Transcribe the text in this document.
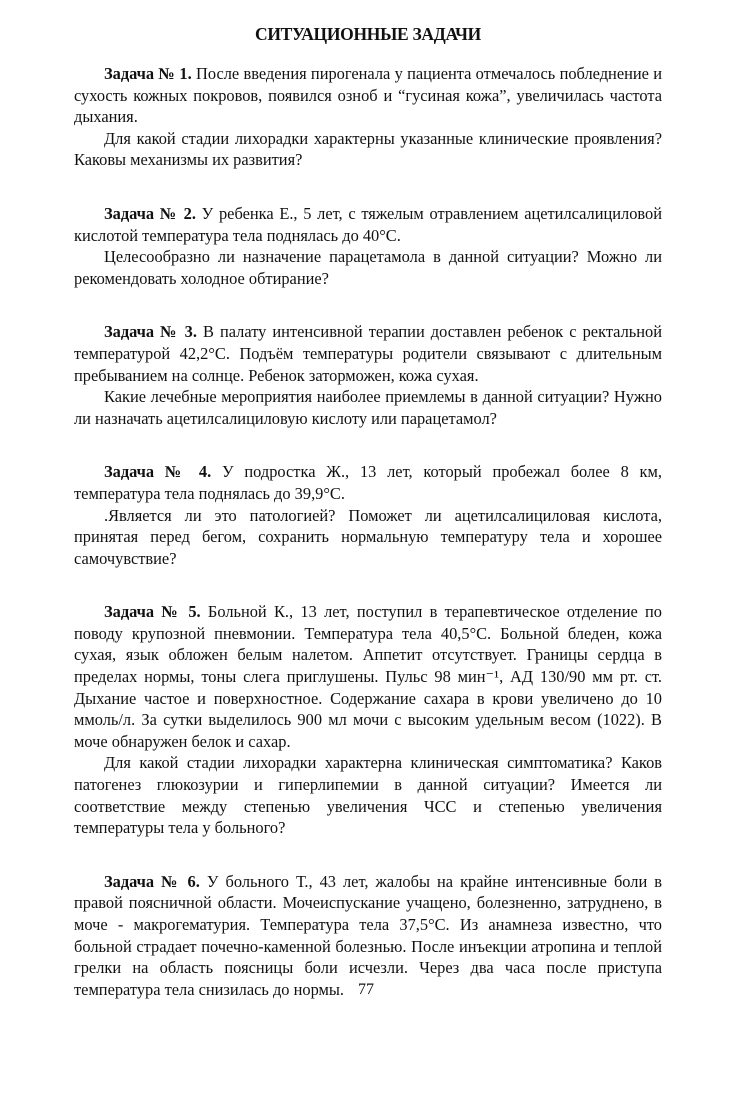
СИТУАЦИОННЫЕ ЗАДАЧИ

Задача № 1. После введения пирогенала у пациента отмечалось побледнение и сухость кожных покровов, появился озноб и “гусиная кожа”, увеличилась частота дыхания.

Для какой стадии лихорадки характерны указанные клинические проявления? Каковы механизмы их развития?

Задача № 2. У ребенка Е., 5 лет, с тяжелым отравлением ацетилсалициловой кислотой температура тела поднялась до 40°С.

Целесообразно ли назначение парацетамола в данной ситуации? Можно ли рекомендовать холодное обтирание?

Задача № 3. В палату интенсивной терапии доставлен ребенок с ректальной температурой 42,2°С. Подъём температуры родители связывают с длительным пребыванием на солнце. Ребенок заторможен, кожа сухая.

Какие лечебные мероприятия наиболее приемлемы в данной ситуации? Нужно ли назначать ацетилсалициловую кислоту или парацетамол?

Задача № 4. У подростка Ж., 13 лет, который пробежал более 8 км, температура тела поднялась до 39,9°С.

.Является ли это патологией? Поможет ли ацетилсалициловая кислота, принятая перед бегом, сохранить нормальную температуру тела и хорошее самочувствие?

Задача № 5. Больной К., 13 лет, поступил в терапевтическое отделение по поводу крупозной пневмонии. Температура тела 40,5°С. Больной бледен, кожа сухая, язык обложен белым налетом. Аппетит отсутствует. Границы сердца в пределах нормы, тоны слега приглушены. Пульс 98 мин⁻¹, АД 130/90 мм рт. ст. Дыхание частое и поверхностное. Содержание сахара в крови увеличено до 10 ммоль/л. За сутки выделилось 900 мл мочи с высоким удельным весом (1022). В моче обнаружен белок и сахар.

Для какой стадии лихорадки характерна клиническая симптоматика? Каков патогенез глюкозурии и гиперлипемии в данной ситуации? Имеется ли соответствие между степенью увеличения ЧСС и степенью увеличения температуры тела у больного?

Задача № 6. У больного Т., 43 лет, жалобы на крайне интенсивные боли в правой поясничной области. Мочеиспускание учащено, болезненно, затруднено, в моче - макрогематурия. Температура тела 37,5°С. Из анамнеза известно, что больной страдает почечно-каменной болезнью. После инъекции атропина и теплой грелки на область поясницы боли исчезли. Через два часа после приступа температура тела снизилась до нормы. 77
